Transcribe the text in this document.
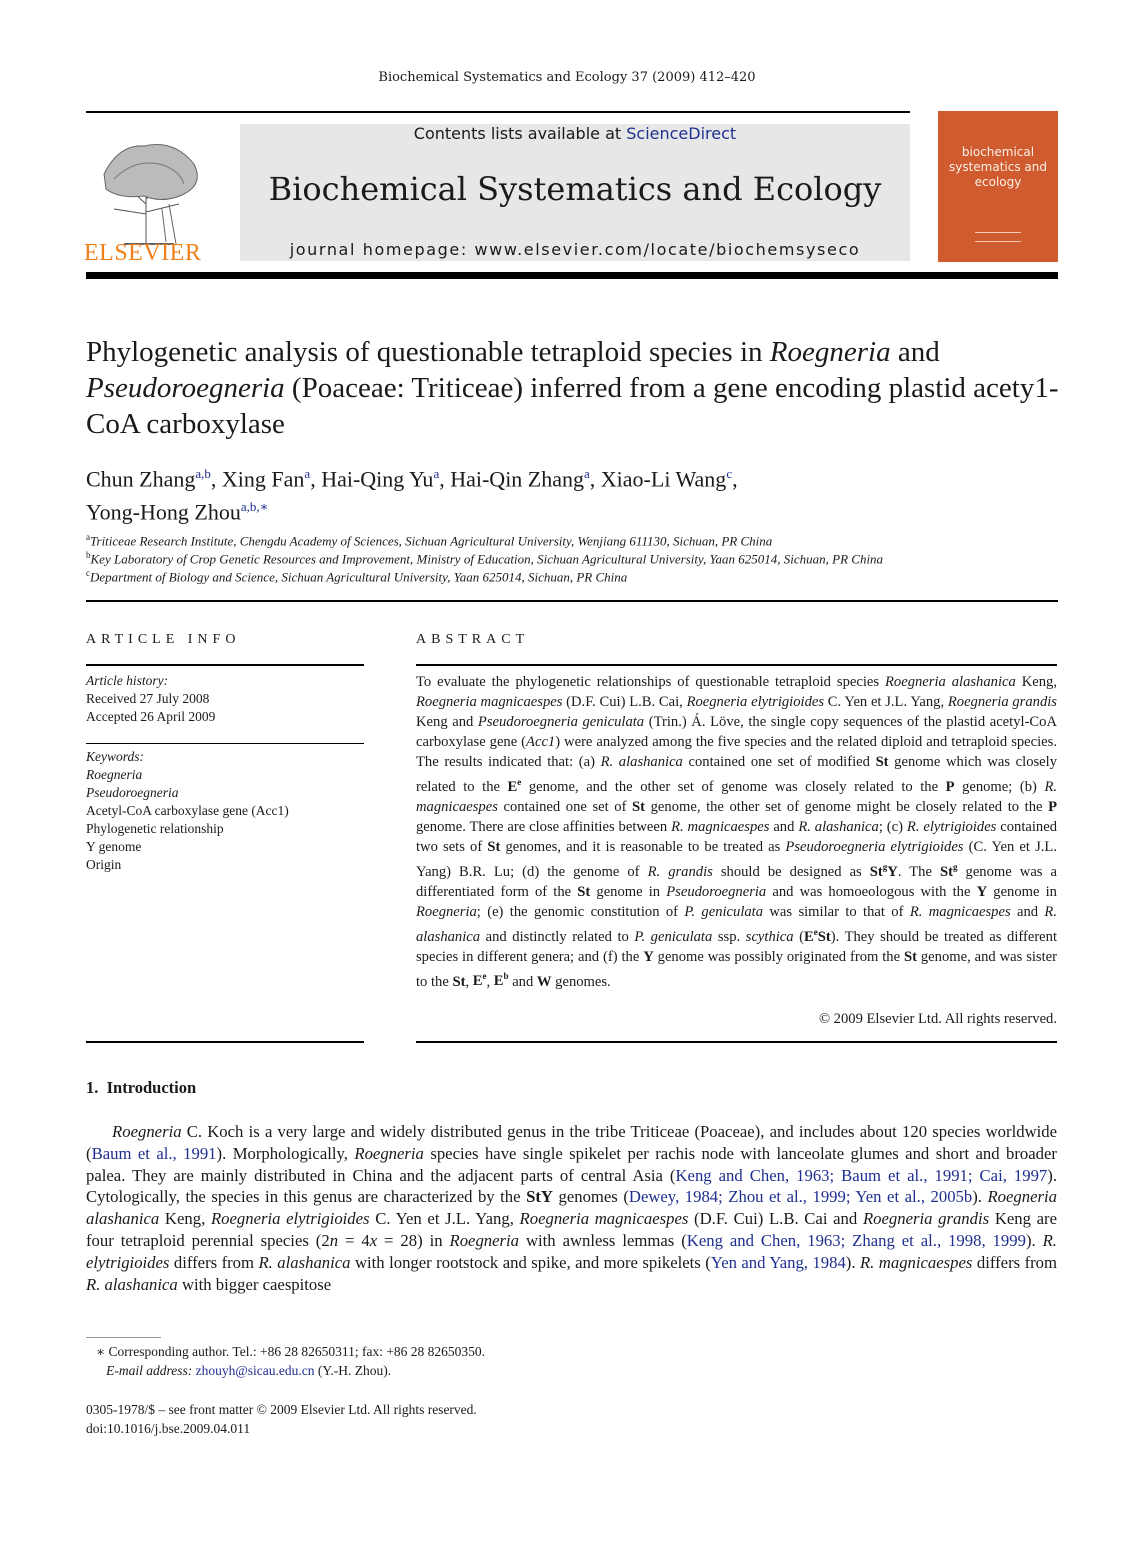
Biochemical Systematics and Ecology 37 (2009) 412–420
ELSEVIER
Contents lists available at ScienceDirect
Biochemical Systematics and Ecology
journal homepage: www.elsevier.com/locate/biochemsyseco
biochemical systematics and ecology
Phylogenetic analysis of questionable tetraploid species in Roegneria and
Pseudoroegneria (Poaceae: Triticeae) inferred from a gene encoding plastid acety1-CoA carboxylase
Chun Zhang$^{a,b}$, Xing Fan$^a$, Hai-Qing Yu$^a$, Hai-Qin Zhang$^a$, Xiao-Li Wang$^c$,
Yong-Hong Zhou$^{a,b,∗}$
$^a$Triticeae Research Institute, Chengdu Academy of Sciences, Sichuan Agricultural University, Wenjiang 611130, Sichuan, PR China
$^b$Key Laboratory of Crop Genetic Resources and Improvement, Ministry of Education, Sichuan Agricultural University, Yaan 625014, Sichuan, PR China
$^c$Department of Biology and Science, Sichuan Agricultural University, Yaan 625014, Sichuan, PR China
ARTICLE INFO
Article history:
Received 27 July 2008
Accepted 26 April 2009
Keywords:
Roegneria
Pseudoroegneria
Acetyl-CoA carboxylase gene (Acc1)
Phylogenetic relationship
Y genome
Origin
ABSTRACT
To evaluate the phylogenetic relationships of questionable tetraploid species Roegneria alashanica Keng, Roegneria magnicaespes (D.F. Cui) L.B. Cai, Roegneria elytrigioides C. Yen et J.L. Yang, Roegneria grandis Keng and Pseudoroegneria geniculata (Trin.) Á. Löve, the single copy sequences of the plastid acetyl-CoA carboxylase gene (Acc1) were analyzed among the five species and the related diploid and tetraploid species. The results indicated that: (a) R. alashanica contained one set of modified St genome which was closely related to the $E^e$ genome, and the other set of genome was closely related to the P genome; (b) R. magnicaespes contained one set of St genome, the other set of genome might be closely related to the P genome. There are close affinities between R. magnicaespes and R. alashanica; (c) R. elytrigioides contained two sets of St genomes, and it is reasonable to be treated as Pseudoroegneria elytrigioides (C. Yen et J.L. Yang) B.R. Lu; (d) the genome of R. grandis should be designed as St$^g$Y. The St$^g$ genome was a differentiated form of the St genome in Pseudoroegneria and was homoeologous with the Y genome in Roegneria; (e) the genomic constitution of P. geniculata was similar to that of R. magnicaespes and R. alashanica and distinctly related to P. geniculata ssp. scythica $(E^eSt)$. They should be treated as different species in different genera; and (f) the Y genome was possibly originated from the St genome, and was sister to the St, $E^e$, $E^b$ and W genomes.
© 2009 Elsevier Ltd. All rights reserved.
1.  Introduction
Roegneria C. Koch is a very large and widely distributed genus in the tribe Triticeae (Poaceae), and includes about 120 species worldwide (Baum et al., 1991). Morphologically, Roegneria species have single spikelet per rachis node with lanceolate glumes and short and broader palea. They are mainly distributed in China and the adjacent parts of central Asia (Keng and Chen, 1963; Baum et al., 1991; Cai, 1997). Cytologically, the species in this genus are characterized by the StY genomes (Dewey, 1984; Zhou et al., 1999; Yen et al., 2005b). Roegneria alashanica Keng, Roegneria elytrigioides C. Yen et J.L. Yang, Roegneria magnicaespes (D.F. Cui) L.B. Cai and Roegneria grandis Keng are four tetraploid perennial species (2n = 4x = 28) in Roegneria with awnless lemmas (Keng and Chen, 1963; Zhang et al., 1998, 1999). R. elytrigioides differs from R. alashanica with longer rootstock and spike, and more spikelets (Yen and Yang, 1984). R. magnicaespes differs from R. alashanica with bigger caespitose
∗ Corresponding author. Tel.: +86 28 82650311; fax: +86 28 82650350.
E-mail address: zhouyh@sicau.edu.cn (Y.-H. Zhou).
0305-1978/$ – see front matter © 2009 Elsevier Ltd. All rights reserved.
doi:10.1016/j.bse.2009.04.011
